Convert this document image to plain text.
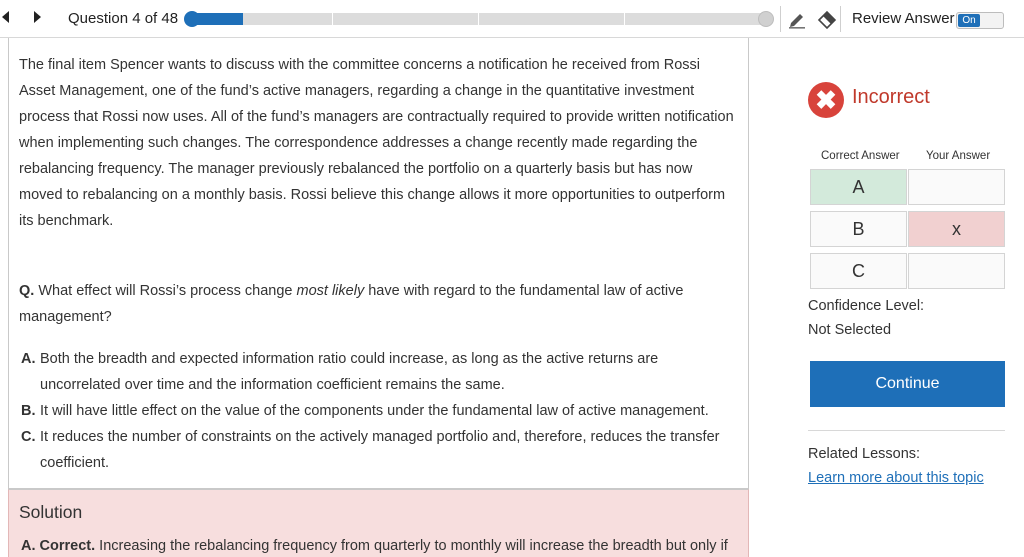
Question 4 of 48	Review Answer On
The final item Spencer wants to discuss with the committee concerns a notification he received from Rossi Asset Management, one of the fund’s active managers, regarding a change in the quantitative investment process that Rossi now uses. All of the fund’s managers are contractually required to provide written notification when implementing such changes. The correspondence addresses a change recently made regarding the rebalancing frequency. The manager previously rebalanced the portfolio on a quarterly basis but has now moved to rebalancing on a monthly basis. Rossi believe this change allows it more opportunities to outperform its benchmark.
Q. What effect will Rossi’s process change most likely have with regard to the fundamental law of active management?
A. Both the breadth and expected information ratio could increase, as long as the active returns are uncorrelated over time and the information coefficient remains the same.
B. It will have little effect on the value of the components under the fundamental law of active management.
C. It reduces the number of constraints on the actively managed portfolio and, therefore, reduces the transfer coefficient.
Solution
A. Correct. Increasing the rebalancing frequency from quarterly to monthly will increase the breadth but only if
✖ Incorrect
Correct Answer Your Answer
A
B	x
C
Confidence Level:
Not Selected
Continue
Related Lessons:
Learn more about this topic
